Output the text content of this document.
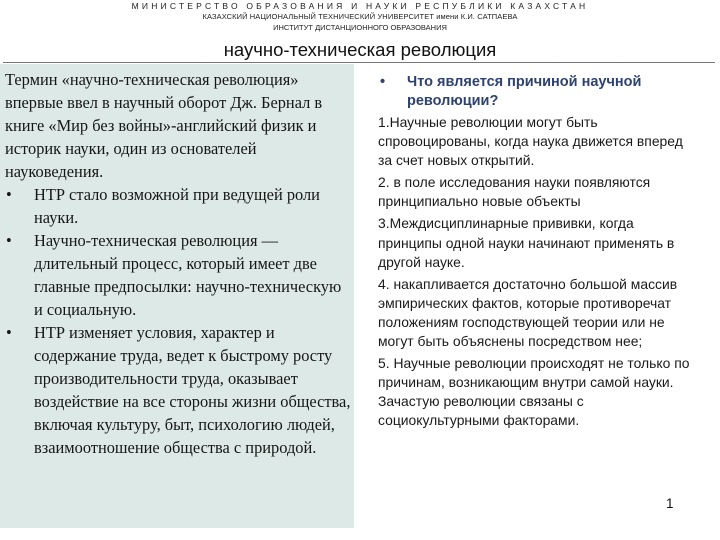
МИНИСТЕРСТВО ОБРАЗОВАНИЯ И НАУКИ РЕСПУБЛИКИ КАЗАХСТАН
КАЗАХСКИЙ НАЦИОНАЛЬНЫЙ ТЕХНИЧЕСКИЙ УНИВЕРСИТЕТ имени К.И. САТПАЕВА
ИНСТИТУТ ДИСТАНЦИОННОГО ОБРАЗОВАНИЯ
научно-техническая революция

Термин «научно-техническая революция» впервые ввел в научный оборот Дж. Бернал в книге «Мир без войны»-английский физик и историк науки, один из основателей науковедения.

• НТР стало возможной при ведущей роли науки.
• Научно-техническая революция — длительный процесс, который имеет две главные предпосылки: научно-техническую и социальную.
• НТР изменяет условия, характер и содержание труда, ведет к быстрому росту производительности труда, оказывает воздействие на все стороны жизни общества, включая культуру, быт, психологию людей, взаимоотношение общества с природой.
• Что является причиной научной революции?

1.Научные революции могут быть спровоцированы, когда наука движется вперед за счет новых открытий.

2. в поле исследования науки появляются принципиально новые объекты

3.Междисциплинарные прививки, когда принципы одной науки начинают применять в другой науке.

4. накапливается достаточно большой массив эмпирических фактов, которые противоречат положениям господствующей теории или не могут быть объяснены посредством нее;

5. Научные революции происходят не только по причинам, возникающим внутри самой науки. Зачастую революции связаны с социокультурными факторами.

1
